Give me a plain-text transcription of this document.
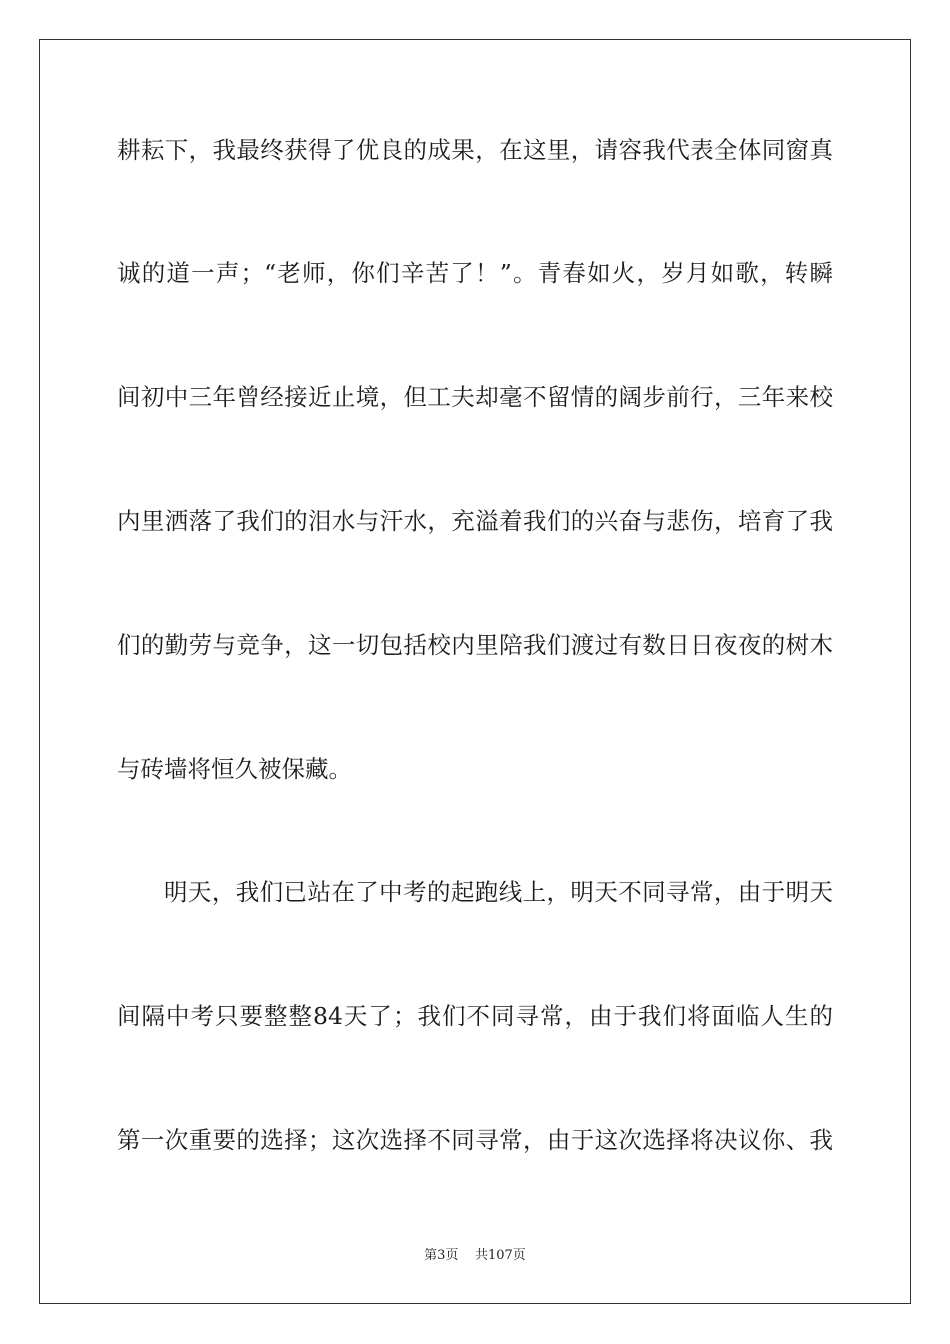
耕耘下，我最终获得了优良的成果，在这里，请容我代表全体同窗真
诚的道一声；“老师，你们辛苦了！”。青春如火，岁月如歌，转瞬
间初中三年曾经接近止境，但工夫却毫不留情的阔步前行，三年来校
内里洒落了我们的泪水与汗水，充溢着我们的兴奋与悲伤，培育了我
们的勤劳与竞争，这一切包括校内里陪我们渡过有数日日夜夜的树木
与砖墙将恒久被保藏。
明天，我们已站在了中考的起跑线上，明天不同寻常，由于明天
间隔中考只要整整84天了；我们不同寻常，由于我们将面临人生的
第一次重要的选择；这次选择不同寻常，由于这次选择将决议你、我
第3页 共107页
